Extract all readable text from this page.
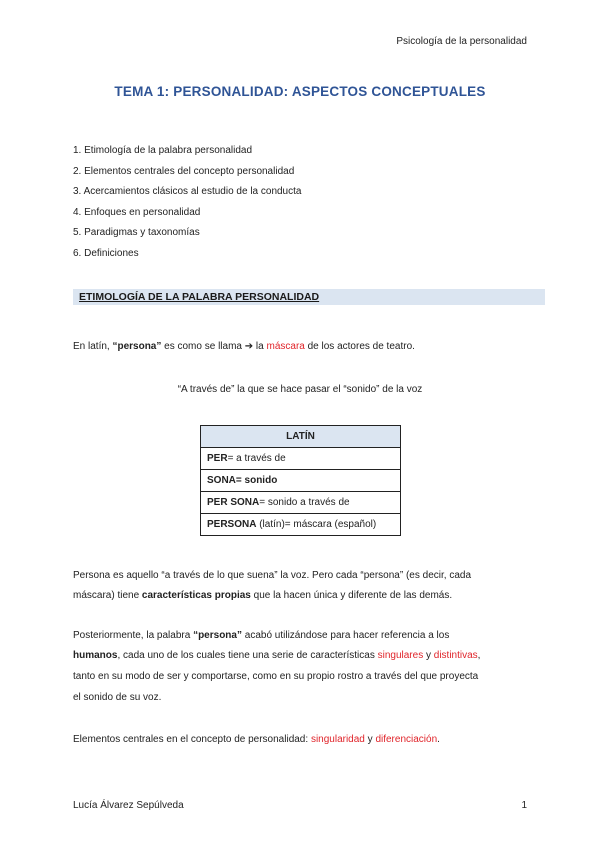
Psicología de la personalidad
TEMA 1: PERSONALIDAD: ASPECTOS CONCEPTUALES
1. Etimología de la palabra personalidad
2. Elementos centrales del concepto personalidad
3. Acercamientos clásicos al estudio de la conducta
4. Enfoques en personalidad
5. Paradigmas y taxonomías
6. Definiciones
ETIMOLOGÍA DE LA PALABRA PERSONALIDAD
En latín, “persona” es como se llama ➔ la máscara de los actores de teatro.
“A través de” la que se hace pasar el “sonido” de la voz
LATÍN
PER= a través de
SONA= sonido
PER SONA= sonido a través de
PERSONA (latín)= máscara (español)
Persona es aquello “a través de lo que suena” la voz. Pero cada “persona” (es decir, cada
máscara) tiene características propias que la hacen única y diferente de las demás.
Posteriormente, la palabra “persona” acabó utilizándose para hacer referencia a los
humanos, cada uno de los cuales tiene una serie de características singulares y distintivas,
tanto en su modo de ser y comportarse, como en su propio rostro a través del que proyecta
el sonido de su voz.
Elementos centrales en el concepto de personalidad: singularidad y diferenciación.
Lucía Álvarez Sepúlveda	1
